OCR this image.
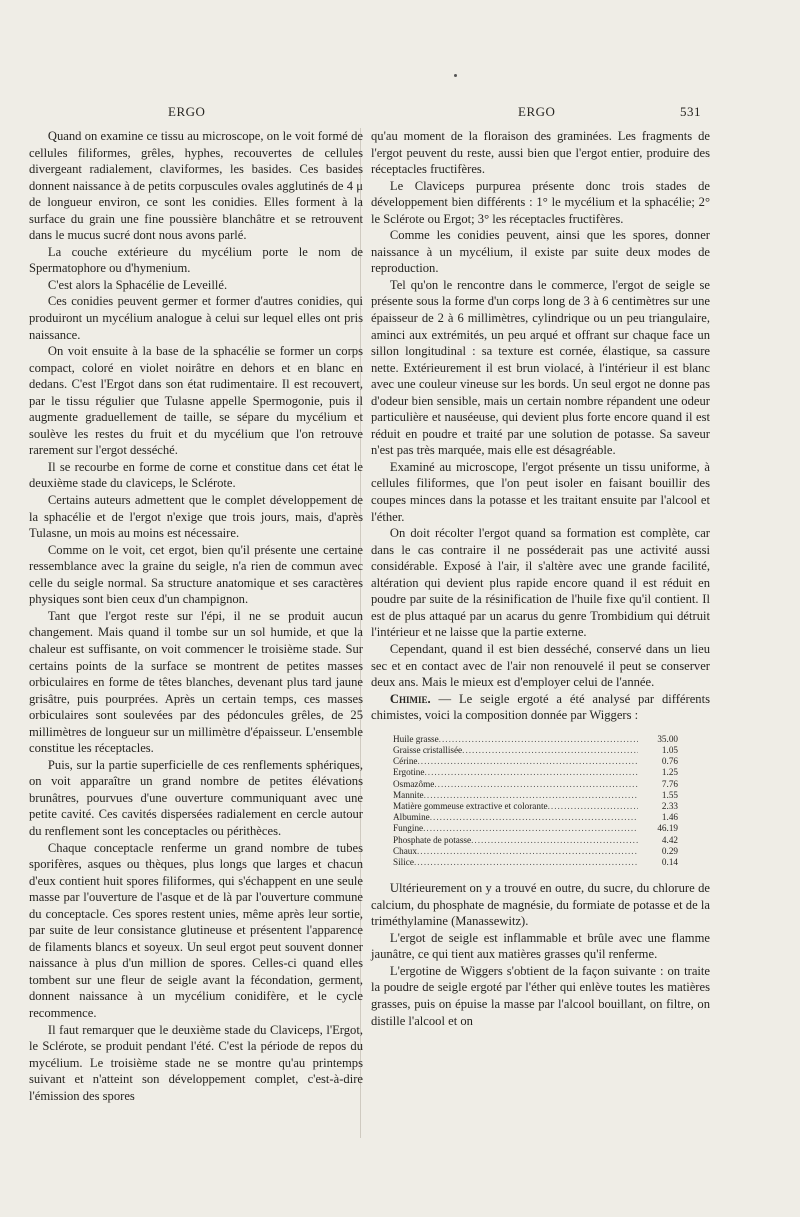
ERGO	ERGO	531

Quand on examine ce tissu au microscope, on le voit formé de cellules filiformes, grêles, hyphes, recouvertes de cellules divergeant radialement, claviformes, les basides. Ces basides donnent naissance à de petits corpuscules ovales agglutinés de 4 μ de longueur environ, ce sont les conidies. Elles forment à la surface du grain une fine poussière blanchâtre et se retrouvent dans le mucus sucré dont nous avons parlé.

La couche extérieure du mycélium porte le nom de Spermatophore ou d'hymenium.

C'est alors la Sphacélie de Leveillé.

Ces conidies peuvent germer et former d'autres conidies, qui produiront un mycélium analogue à celui sur lequel elles ont pris naissance.

On voit ensuite à la base de la sphacélie se former un corps compact, coloré en violet noirâtre en dehors et en blanc en dedans. C'est l'Ergot dans son état rudimentaire. Il est recouvert, par le tissu régulier que Tulasne appelle Spermogonie, puis il augmente graduellement de taille, se sépare du mycélium et soulève les restes du fruit et du mycélium que l'on retrouve rarement sur l'ergot desséché.

Il se recourbe en forme de corne et constitue dans cet état le deuxième stade du claviceps, le Sclérote.

Certains auteurs admettent que le complet développement de la sphacélie et de l'ergot n'exige que trois jours, mais, d'après Tulasne, un mois au moins est nécessaire.

Comme on le voit, cet ergot, bien qu'il présente une certaine ressemblance avec la graine du seigle, n'a rien de commun avec celle du seigle normal. Sa structure anatomique et ses caractères physiques sont bien ceux d'un champignon.

Tant que l'ergot reste sur l'épi, il ne se produit aucun changement. Mais quand il tombe sur un sol humide, et que la chaleur est suffisante, on voit commencer le troisième stade. Sur certains points de la surface se montrent de petites masses orbiculaires en forme de têtes blanches, devenant plus tard jaune grisâtre, puis pourprées. Après un certain temps, ces masses orbiculaires sont soulevées par des pédoncules grêles, de 25 millimètres de longueur sur un millimètre d'épaisseur. L'ensemble constitue les réceptacles.

Puis, sur la partie superficielle de ces renflements sphériques, on voit apparaître un grand nombre de petites élévations brunâtres, pourvues d'une ouverture communiquant avec une petite cavité. Ces cavités dispersées radialement en cercle autour du renflement sont les conceptacles ou périthèces.

Chaque conceptacle renferme un grand nombre de tubes sporifères, asques ou thèques, plus longs que larges et chacun d'eux contient huit spores filiformes, qui s'échappent en une seule masse par l'ouverture de l'asque et de là par l'ouverture commune du conceptacle. Ces spores restent unies, même après leur sortie, par suite de leur consistance glutineuse et présentent l'apparence de filaments blancs et soyeux. Un seul ergot peut souvent donner naissance à plus d'un million de spores. Celles-ci quand elles tombent sur une fleur de seigle avant la fécondation, germent, donnent naissance à un mycélium conidifère, et le cycle recommence.

Il faut remarquer que le deuxième stade du Claviceps, l'Ergot, le Sclérote, se produit pendant l'été. C'est la période de repos du mycélium. Le troisième stade ne se montre qu'au printemps suivant et n'atteint son développement complet, c'est-à-dire l'émission des spores

qu'au moment de la floraison des graminées. Les fragments de l'ergot peuvent du reste, aussi bien que l'ergot entier, produire des réceptacles fructifères.

Le Claviceps purpurea présente donc trois stades de développement bien différents : 1° le mycélium et la sphacélie; 2° le Sclérote ou Ergot; 3° les réceptacles fructifères.

Comme les conidies peuvent, ainsi que les spores, donner naissance à un mycélium, il existe par suite deux modes de reproduction.

Tel qu'on le rencontre dans le commerce, l'ergot de seigle se présente sous la forme d'un corps long de 3 à 6 centimètres sur une épaisseur de 2 à 6 millimètres, cylindrique ou un peu triangulaire, aminci aux extrémités, un peu arqué et offrant sur chaque face un sillon longitudinal : sa texture est cornée, élastique, sa cassure nette. Extérieurement il est brun violacé, à l'intérieur il est blanc avec une couleur vineuse sur les bords. Un seul ergot ne donne pas d'odeur bien sensible, mais un certain nombre répandent une odeur particulière et nauséeuse, qui devient plus forte encore quand il est réduit en poudre et traité par une solution de potasse. Sa saveur n'est pas très marquée, mais elle est désagréable.

Examiné au microscope, l'ergot présente un tissu uniforme, à cellules filiformes, que l'on peut isoler en faisant bouillir des coupes minces dans la potasse et les traitant ensuite par l'alcool et l'éther.

On doit récolter l'ergot quand sa formation est complète, car dans le cas contraire il ne posséderait pas une activité aussi considérable. Exposé à l'air, il s'altère avec une grande facilité, altération qui devient plus rapide encore quand il est réduit en poudre par suite de la résinification de l'huile fixe qu'il contient. Il est de plus attaqué par un acarus du genre Trombidium qui détruit l'intérieur et ne laisse que la partie externe.

Cependant, quand il est bien desséché, conservé dans un lieu sec et en contact avec de l'air non renouvelé il peut se conserver deux ans. Mais le mieux est d'employer celui de l'année.

Chimie. — Le seigle ergoté a été analysé par différents chimistes, voici la composition donnée par Wiggers :

Huile grasse .....	35.00
Graisse cristallisée .....	1.05
Cérine .....	0.76
Ergotine .....	1.25
Osmazôme .....	7.76
Mannite .....	1.55
Matière gommeuse extractive et colorante .....	2.33
Albumine .....	1.46
Fungine .....	46.19
Phosphate de potasse .....	4.42
Chaux .....	0.29
Silice .....	0.14

Ultérieurement on y a trouvé en outre, du sucre, du chlorure de calcium, du phosphate de magnésie, du formiate de potasse et de la triméthylamine (Manassewitz).

L'ergot de seigle est inflammable et brûle avec une flamme jaunâtre, ce qui tient aux matières grasses qu'il renferme.

L'ergotine de Wiggers s'obtient de la façon suivante : on traite la poudre de seigle ergoté par l'éther qui enlève toutes les matières grasses, puis on épuise la masse par l'alcool bouillant, on filtre, on distille l'alcool et on
